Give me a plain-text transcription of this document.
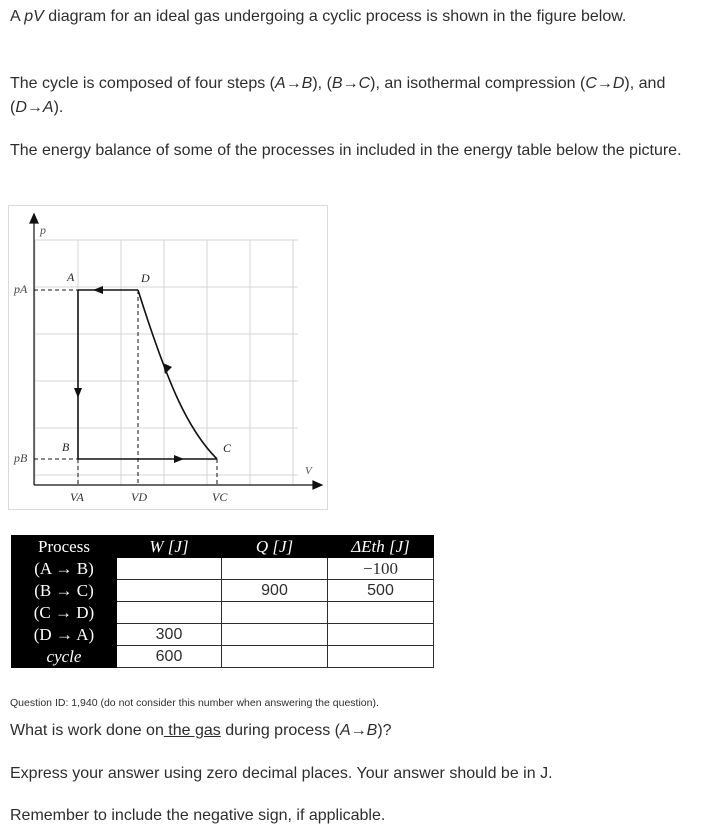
A pV diagram for an ideal gas undergoing a cyclic process is shown in the figure below.

The cycle is composed of four steps (A→B), (B→C), an isothermal compression (C→D), and (D→A).

The energy balance of some of the processes in included in the energy table below the picture.

p
V
pA
pB
VA	VD	VC
A	D
B	C
Process	W [J]	Q [J]	ΔEth [J]
(A → B)			−100
(B → C)		900	500
(C → D)			
(D → A)	300		
cycle	600		
Question ID: 1,940 (do not consider this number when answering the question).

What is work done on the gas during process (A→B)?

Express your answer using zero decimal places. Your answer should be in J.

Remember to include the negative sign, if applicable.
